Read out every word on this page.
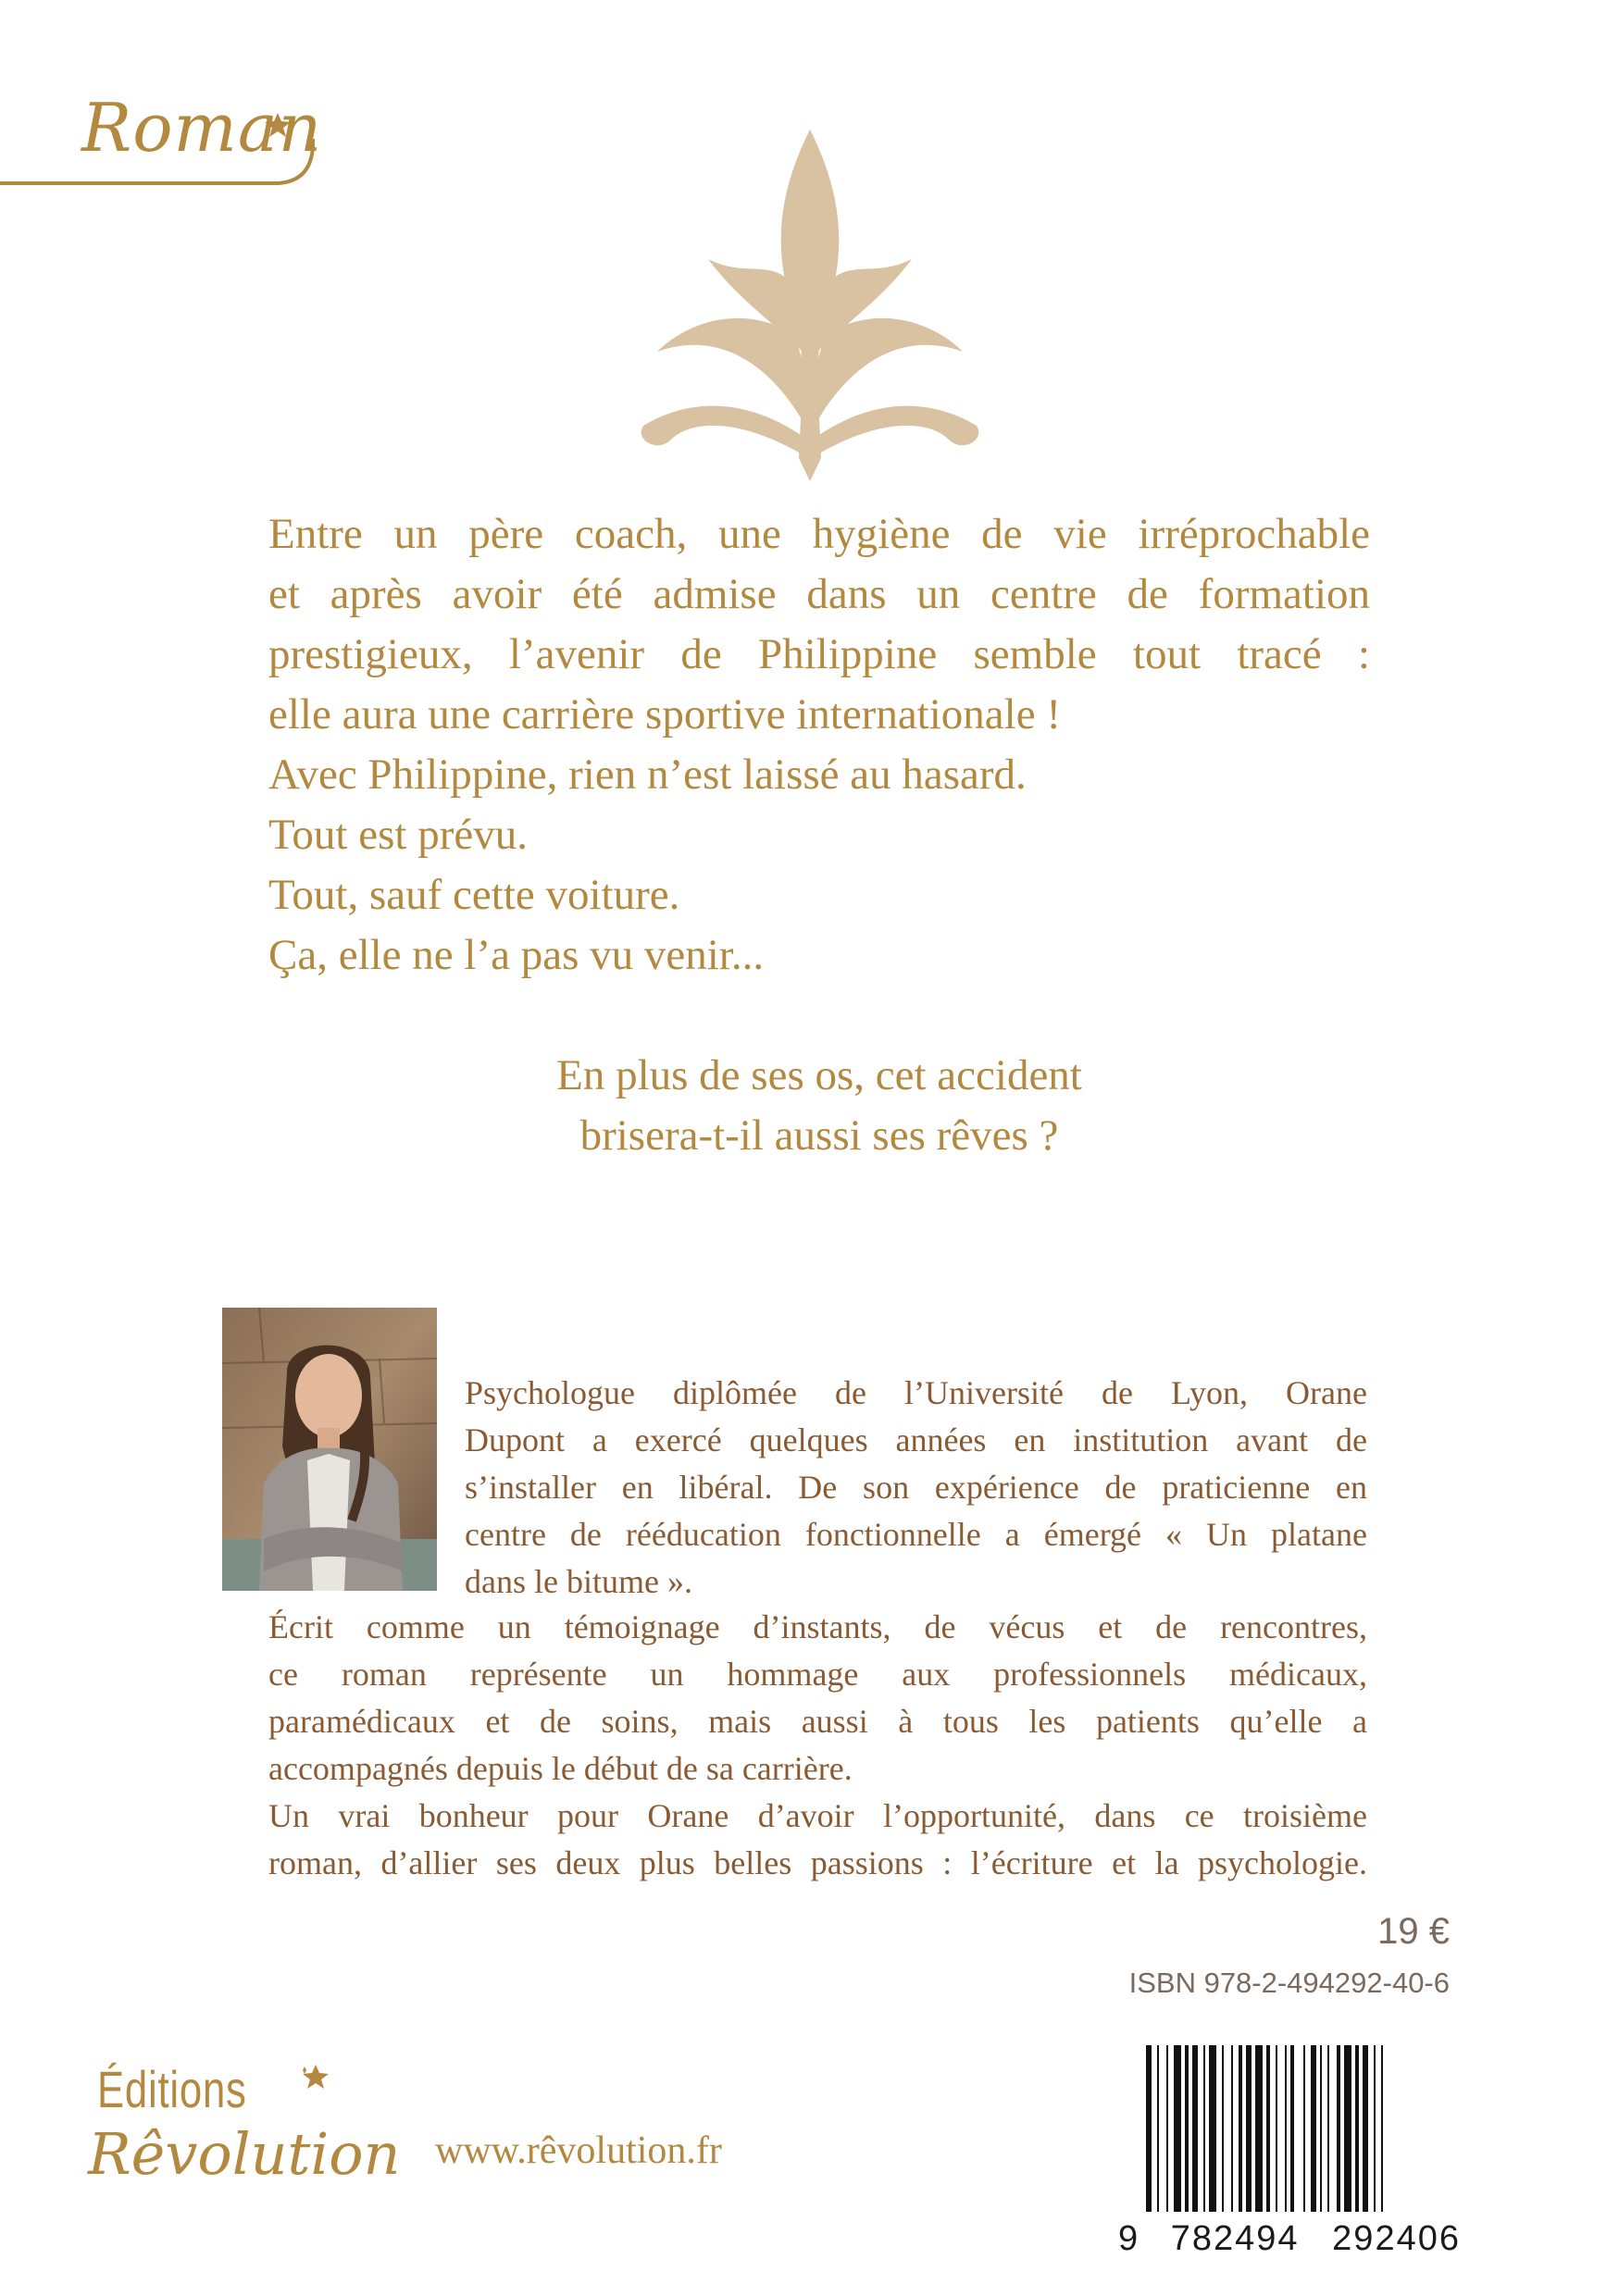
Roman

Entre un père coach, une hygiène de vie irréprochable

et après avoir été admise dans un centre de formation

prestigieux, l’avenir de Philippine semble tout tracé :

elle aura une carrière sportive internationale !

Avec Philippine, rien n’est laissé au hasard.

Tout est prévu.

Tout, sauf cette voiture.

Ça, elle ne l’a pas vu venir...

En plus de ses os, cet accident

brisera-t-il aussi ses rêves ?

Psychologue diplômée de l’Université de Lyon, Orane

Dupont a exercé quelques années en institution avant de

s’installer en libéral. De son expérience de praticienne en

centre de rééducation fonctionnelle a émergé « Un platane

dans le bitume ».

Écrit comme un témoignage d’instants, de vécus et de rencontres,

ce roman représente un hommage aux professionnels médicaux,

paramédicaux et de soins, mais aussi à tous les patients qu’elle a

accompagnés depuis le début de sa carrière.

Un vrai bonheur pour Orane d’avoir l’opportunité, dans ce troisième

roman, d’allier ses deux plus belles passions : l’écriture et la psychologie.

19 €
ISBN 978-2-494292-40-6
9 782494 292406
Éditions
Rêvolution www.rêvolution.fr
